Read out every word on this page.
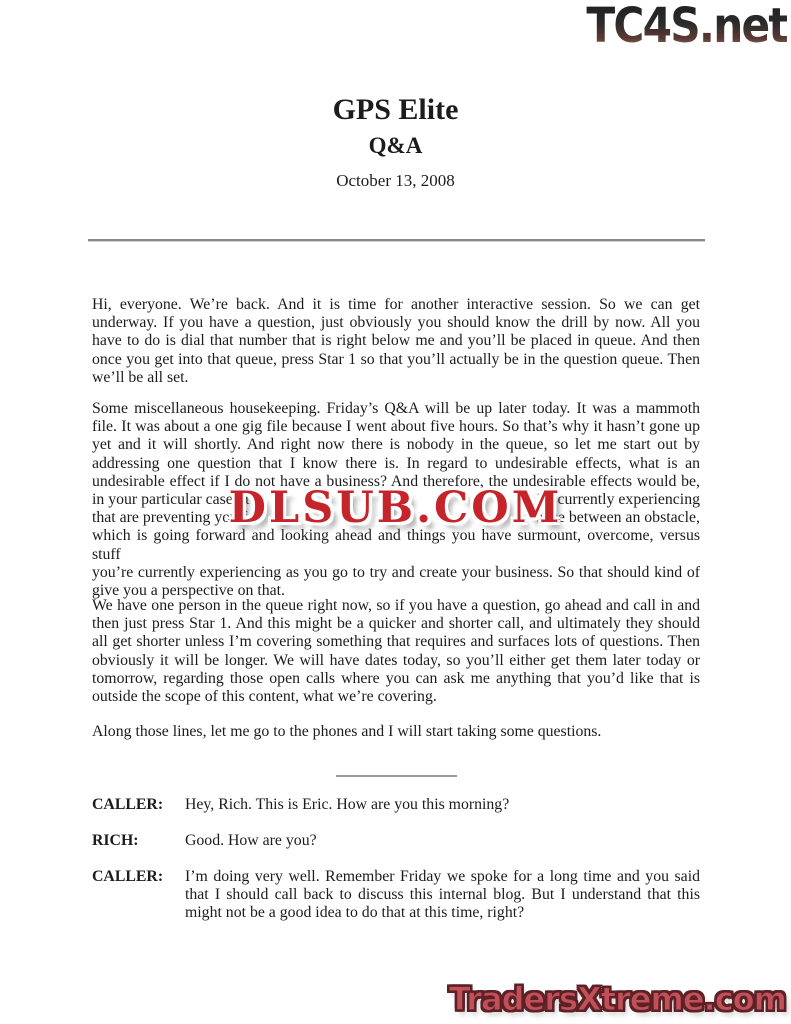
TC4S.net
GPS Elite
Q&A
October 13, 2008
Hi, everyone. We’re back. And it is time for another interactive session. So we can get
underway. If you have a question, just obviously you should know the drill by now. All you
have to do is dial that number that is right below me and you’ll be placed in queue. And then
once you get into that queue, press Star 1 so that you’ll actually be in the question queue. Then
we’ll be all set.
Some miscellaneous housekeeping. Friday’s Q&A will be up later today. It was a mammoth
file. It was about a one gig file because I went about five hours. So that’s why it hasn’t gone up
yet and it will shortly. And right now there is nobody in the queue, so let me start out by
addressing one question that I know there is. In regard to undesirable effects, what is an
undesirable effect if I do not have a business? And therefore, the undesirable effects would be,
in your particular case, it	’re currently experiencing
that are preventing you fr	ence between an obstacle,
which is going forward and looking ahead and things you have surmount, overcome, versus stuff
you’re currently experiencing as you go to try and create your business. So that should kind of
give you a perspective on that.
We have one person in the queue right now, so if you have a question, go ahead and call in and
then just press Star 1. And this might be a quicker and shorter call, and ultimately they should
all get shorter unless I’m covering something that requires and surfaces lots of questions. Then
obviously it will be longer. We will have dates today, so you’ll either get them later today or
tomorrow, regarding those open calls where you can ask me anything that you’d like that is
outside the scope of this content, what we’re covering.
Along those lines, let me go to the phones and I will start taking some questions.
DLSUB.COM
CALLER: Hey, Rich. This is Eric. How are you this morning?
RICH:	Good. How are you?
CALLER: I’m doing very well. Remember Friday we spoke for a long time and you said
that I should call back to discuss this internal blog. But I understand that this
might not be a good idea to do that at this time, right?
TradersXtreme.com
